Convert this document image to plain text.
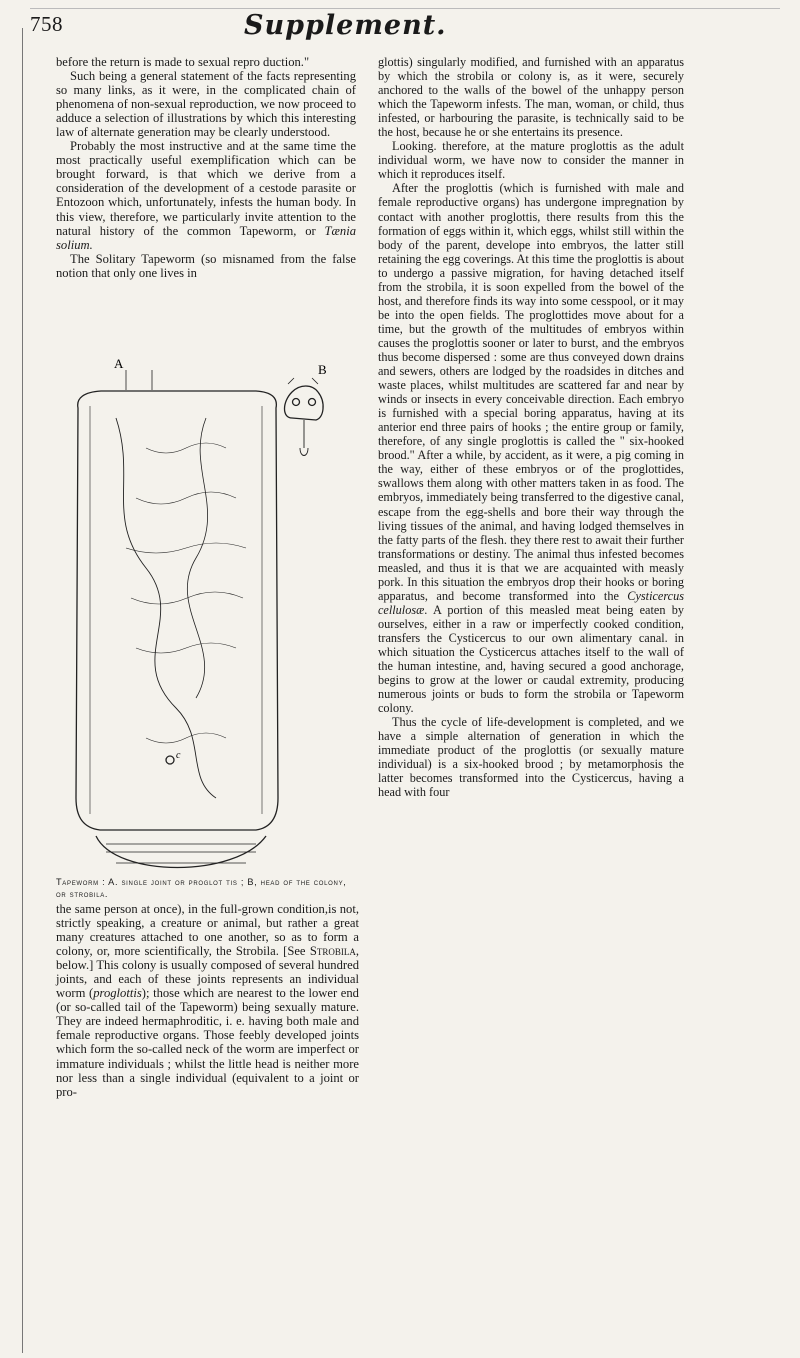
758	Supplement.

before the return is made to sexual repro duction."

Such being a general statement of the facts representing so many links, as it were, in the complicated chain of phenomena of non-sexual reproduction, we now proceed to adduce a selection of illustrations by which this interesting law of alternate generation may be clearly understood.

Probably the most instructive and at the same time the most practically useful exemplification which can be brought forward, is that which we derive from a consideration of the development of a cestode parasite or Entozoon which, unfortunately, infests the human body. In this view, therefore, we particularly invite attention to the natural history of the common Tapeworm, or Tænia solium.

The Solitary Tapeworm (so misnamed from the false notion that only one lives in

A	B
c
Tapeworm : A. single joint or proglot tis ; B, head of the colony, or strobila.

the same person at once), in the full-grown condition,is not, strictly speaking, a creature or animal, but rather a great many creatures attached to one another, so as to form a colony, or, more scientifically, the Strobila. [See Strobila, below.] This colony is usually composed of several hundred joints, and each of these joints represents an individual worm (proglottis); those which are nearest to the lower end (or so-called tail of the Tapeworm) being sexually mature. They are indeed hermaphroditic, i. e. having both male and female reproductive organs. Those feebly developed joints which form the so-called neck of the worm are imperfect or immature individuals ; whilst the little head is neither more nor less than a single individual (equivalent to a joint or pro-

glottis) singularly modified, and furnished with an apparatus by which the strobila or colony is, as it were, securely anchored to the walls of the bowel of the unhappy person which the Tapeworm infests. The man, woman, or child, thus infested, or harbouring the parasite, is technically said to be the host, because he or she entertains its presence.

Looking. therefore, at the mature proglottis as the adult individual worm, we have now to consider the manner in which it reproduces itself.

After the proglottis (which is furnished with male and female reproductive organs) has undergone impregnation by contact with another proglottis, there results from this the formation of eggs within it, which eggs, whilst still within the body of the parent, develope into embryos, the latter still retaining the egg coverings. At this time the proglottis is about to undergo a passive migration, for having detached itself from the strobila, it is soon expelled from the bowel of the host, and therefore finds its way into some cesspool, or it may be into the open fields. The proglottides move about for a time, but the growth of the multitudes of embryos within causes the proglottis sooner or later to burst, and the embryos thus become dispersed : some are thus conveyed down drains and sewers, others are lodged by the roadsides in ditches and waste places, whilst multitudes are scattered far and near by winds or insects in every conceivable direction. Each embryo is furnished with a special boring apparatus, having at its anterior end three pairs of hooks ; the entire group or family, therefore, of any single proglottis is called the " six-hooked brood." After a while, by accident, as it were, a pig coming in the way, either of these embryos or of the proglottides, swallows them along with other matters taken in as food. The embryos, immediately being transferred to the digestive canal, escape from the egg-shells and bore their way through the living tissues of the animal, and having lodged themselves in the fatty parts of the flesh. they there rest to await their further transformations or destiny. The animal thus infested becomes measled, and thus it is that we are acquainted with measly pork. In this situation the embryos drop their hooks or boring apparatus, and become transformed into the Cysticercus cellulosæ. A portion of this measled meat being eaten by ourselves, either in a raw or imperfectly cooked condition, transfers the Cysticercus to our own alimentary canal. in which situation the Cysticercus attaches itself to the wall of the human intestine, and, having secured a good anchorage, begins to grow at the lower or caudal extremity, producing numerous joints or buds to form the strobila or Tapeworm colony.

Thus the cycle of life-development is completed, and we have a simple alternation of generation in which the immediate product of the proglottis (or sexually mature individual) is a six-hooked brood ; by metamorphosis the latter becomes transformed into the Cysticercus, having a head with four
